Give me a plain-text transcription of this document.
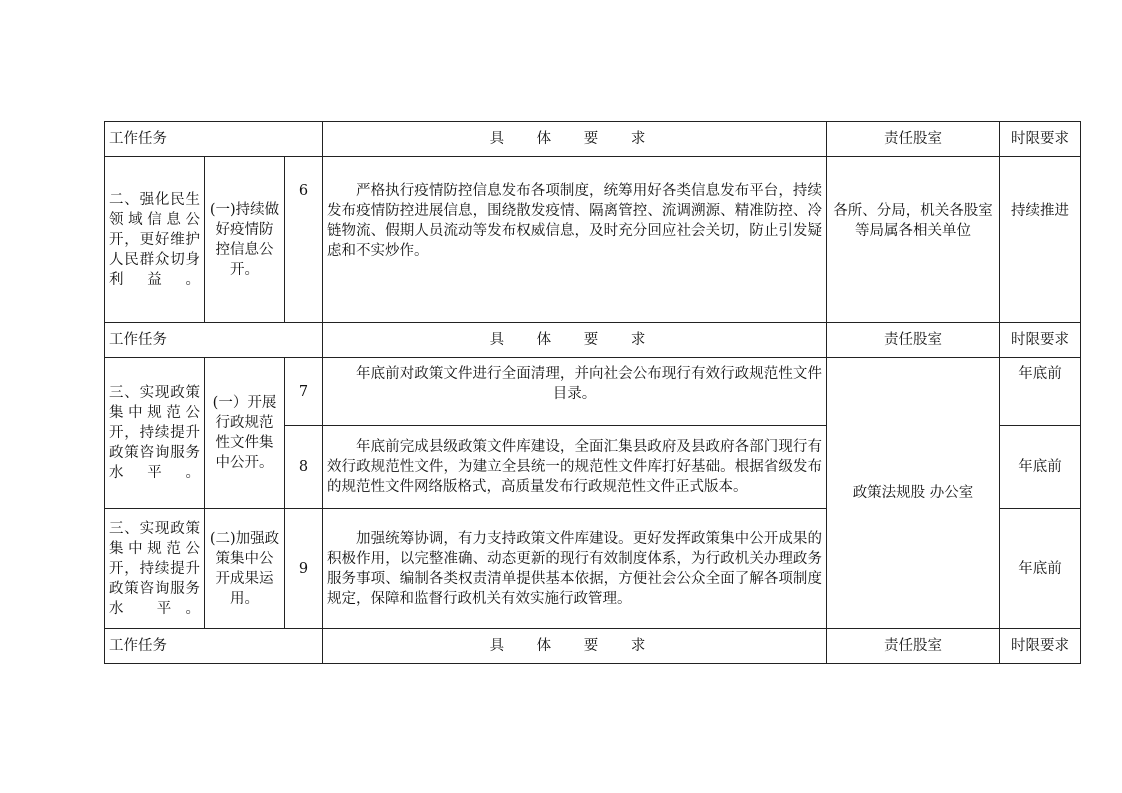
工作任务			具 体 要 求	责任股室	时限要求
二、强化民生领域信息公开，更好维护人民群众切身利益。	(一)持续做好疫情防控信息公开。	6	严格执行疫情防控信息发布各项制度，统筹用好各类信息发布平台，持续发布疫情防控进展信息，围绕散发疫情、隔离管控、流调溯源、精准防控、冷链物流、假期人员流动等发布权威信息，及时充分回应社会关切，防止引发疑虑和不实炒作。	各所、分局，机关各股室等局属各相关单位	持续推进
工作任务			具 体 要 求	责任股室	时限要求
三、实现政策集中规范公开，持续提升政策咨询服务水平。	(一）开展行政规范性文件集中公开。	7	年底前对政策文件进行全面清理，并向社会公布现行有效行政规范性文件目录。	政策法规股 办公室	年底前
		8	年底前完成县级政策文件库建设，全面汇集县政府及县政府各部门现行有效行政规范性文件，为建立全县统一的规范性文件库打好基础。根据省级发布的规范性文件网络版格式，高质量发布行政规范性文件正式版本。		年底前
三、实现政策集中规范公开，持续提升政策咨询服务水 平。	(二)加强政策集中公开成果运用。	9	加强统筹协调，有力支持政策文件库建设。更好发挥政策集中公开成果的积极作用，以完整准确、动态更新的现行有效制度体系，为行政机关办理政务服务事项、编制各类权责清单提供基本依据，方便社会公众全面了解各项制度规定，保障和监督行政机关有效实施行政管理。		年底前
工作任务			具 体 要 求	责任股室	时限要求
